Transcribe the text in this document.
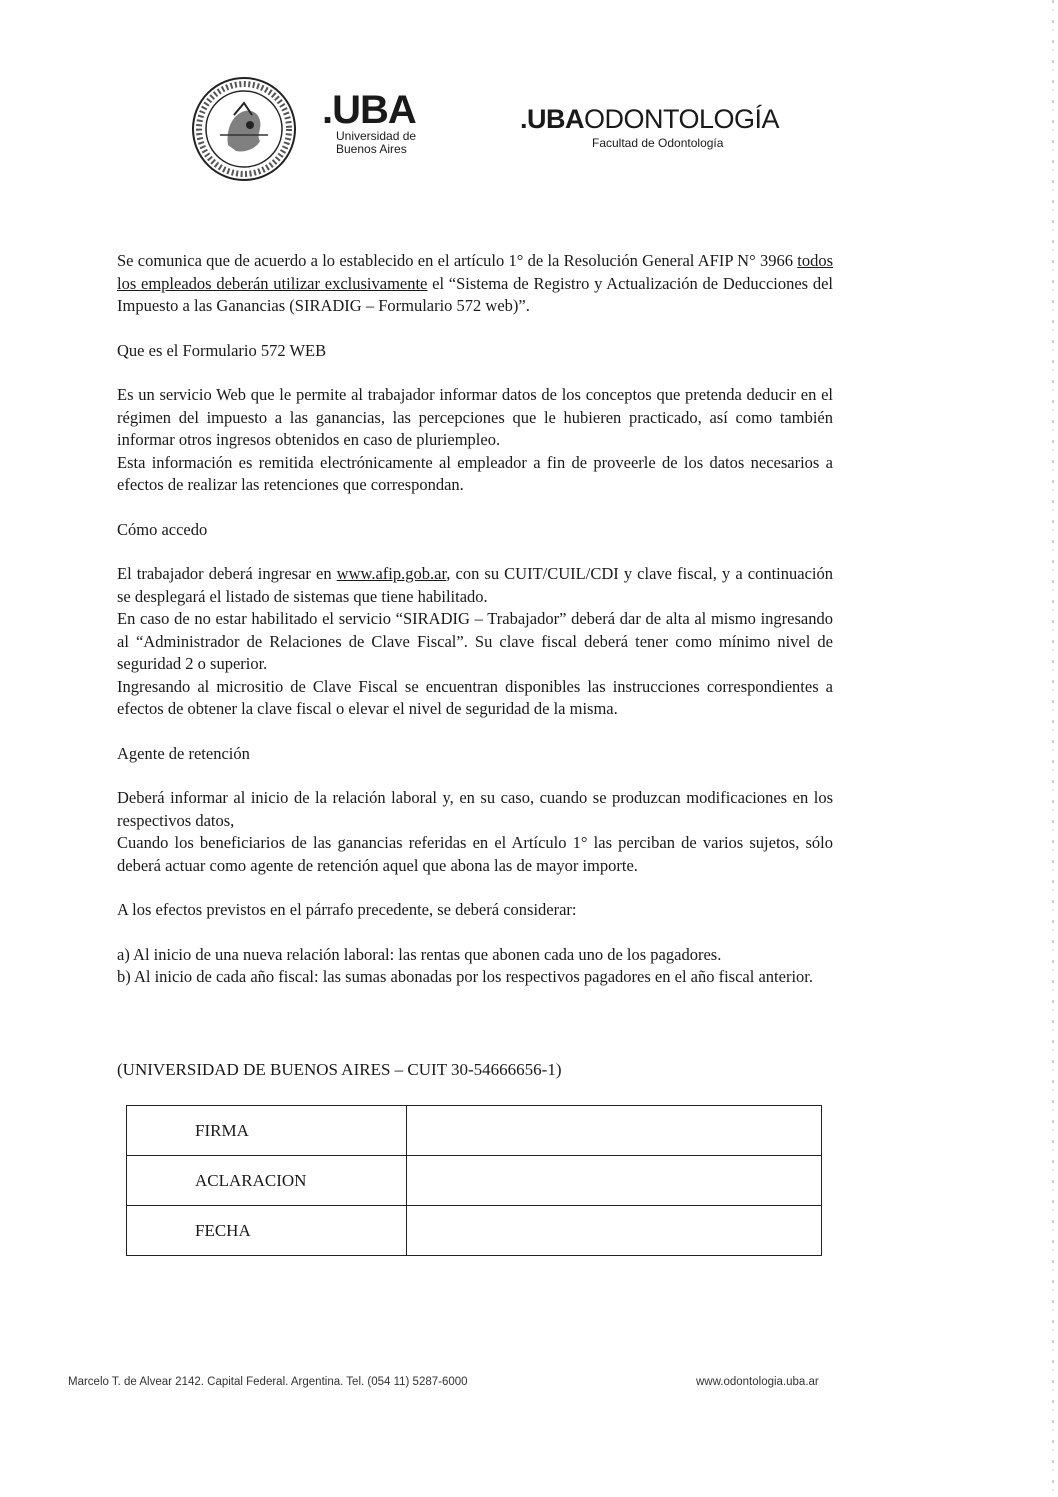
.UBA
Universidad de Buenos Aires
.UBAODONTOLOGÍA
Facultad de Odontología

Se comunica que de acuerdo a lo establecido en el artículo 1° de la Resolución General AFIP N° 3966 todos los empleados deberán utilizar exclusivamente el “Sistema de Registro y Actualización de Deducciones del Impuesto a las Ganancias (SIRADIG – Formulario 572 web)”.

Que es el Formulario 572 WEB

Es un servicio Web que le permite al trabajador informar datos de los conceptos que pretenda deducir en el régimen del impuesto a las ganancias, las percepciones que le hubieren practicado, así como también informar otros ingresos obtenidos en caso de pluriempleo.

Esta información es remitida electrónicamente al empleador a fin de proveerle de los datos necesarios a efectos de realizar las retenciones que correspondan.

Cómo accedo

El trabajador deberá ingresar en www.afip.gob.ar, con su CUIT/CUIL/CDI y clave fiscal, y a continuación se desplegará el listado de sistemas que tiene habilitado.

En caso de no estar habilitado el servicio “SIRADIG – Trabajador” deberá dar de alta al mismo ingresando al “Administrador de Relaciones de Clave Fiscal”. Su clave fiscal deberá tener como mínimo nivel de seguridad 2 o superior.

Ingresando al micrositio de Clave Fiscal se encuentran disponibles las instrucciones correspondientes a efectos de obtener la clave fiscal o elevar el nivel de seguridad de la misma.

Agente de retención

Deberá informar al inicio de la relación laboral y, en su caso, cuando se produzcan modificaciones en los respectivos datos,

Cuando los beneficiarios de las ganancias referidas en el Artículo 1° las perciban de varios sujetos, sólo deberá actuar como agente de retención aquel que abona las de mayor importe.

A los efectos previstos en el párrafo precedente, se deberá considerar:

a) Al inicio de una nueva relación laboral: las rentas que abonen cada uno de los pagadores.

b) Al inicio de cada año fiscal: las sumas abonadas por los respectivos pagadores en el año fiscal anterior.

(UNIVERSIDAD DE BUENOS AIRES – CUIT 30-54666656-1)
FIRMA	
ACLARACION	
FECHA	
Marcelo T. de Alvear 2142. Capital Federal. Argentina. Tel. (054 11) 5287-6000	www.odontologia.uba.ar
